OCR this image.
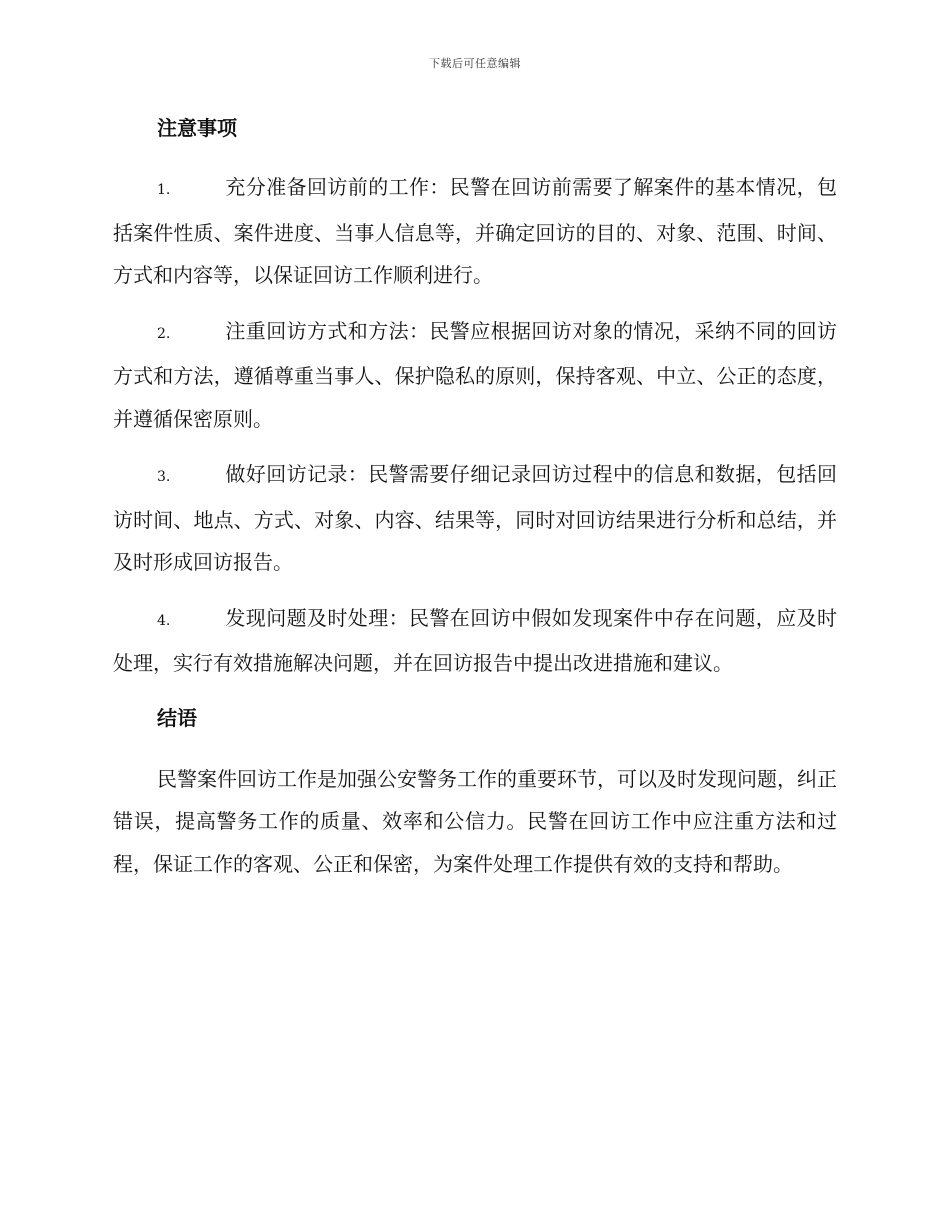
下载后可任意编辑
注意事项
1.	充分准备回访前的工作：民警在回访前需要了解案件的基本情况，包括案件性质、案件进度、当事人信息等，并确定回访的目的、对象、范围、时间、方式和内容等，以保证回访工作顺利进行。
2.	注重回访方式和方法：民警应根据回访对象的情况，采纳不同的回访方式和方法，遵循尊重当事人、保护隐私的原则，保持客观、中立、公正的态度，并遵循保密原则。
3.	做好回访记录：民警需要仔细记录回访过程中的信息和数据，包括回访时间、地点、方式、对象、内容、结果等，同时对回访结果进行分析和总结，并及时形成回访报告。
4.	发现问题及时处理：民警在回访中假如发现案件中存在问题，应及时处理，实行有效措施解决问题，并在回访报告中提出改进措施和建议。
结语

民警案件回访工作是加强公安警务工作的重要环节，可以及时发现问题，纠正错误，提高警务工作的质量、效率和公信力。民警在回访工作中应注重方法和过程，保证工作的客观、公正和保密，为案件处理工作提供有效的支持和帮助。
